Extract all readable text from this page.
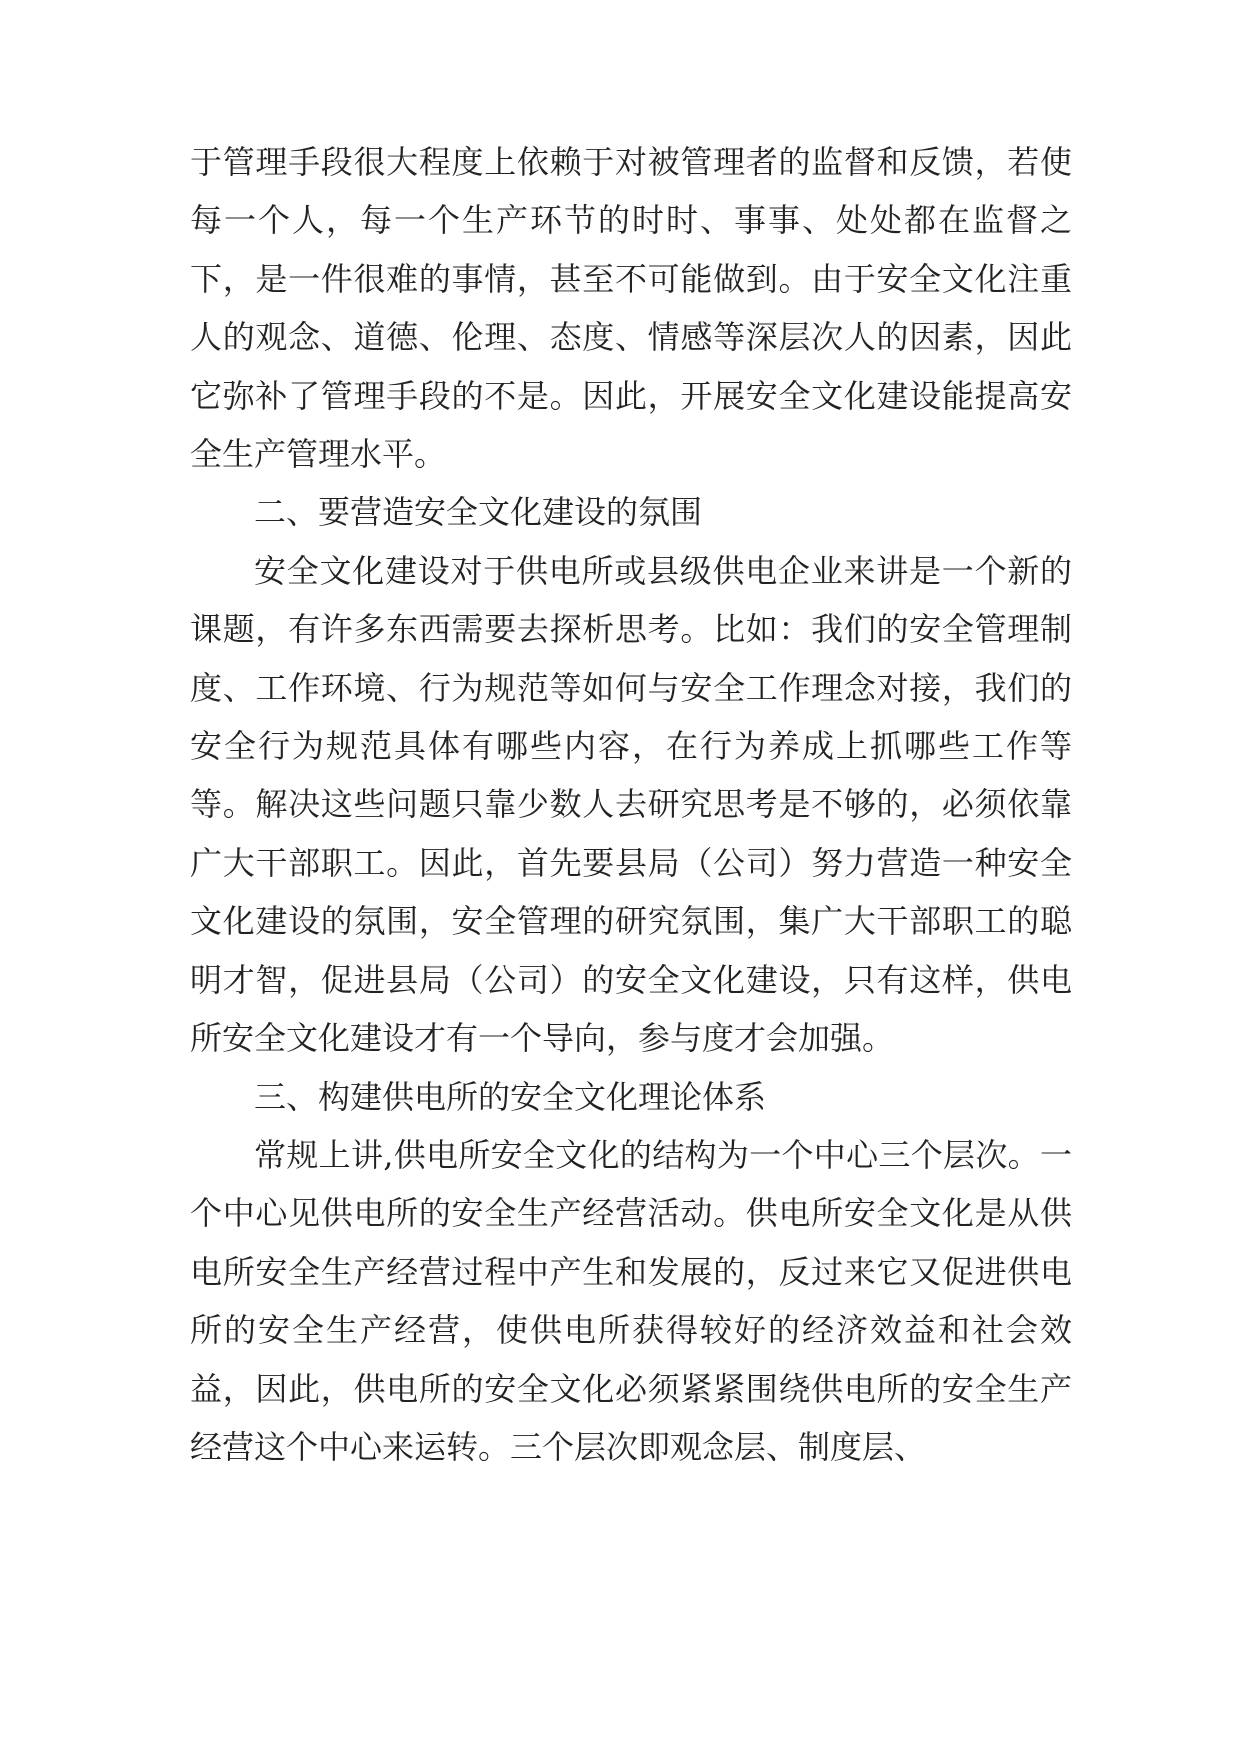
于管理手段很大程度上依赖于对被管理者的监督和反馈，若使每一个人，每一个生产环节的时时、事事、处处都在监督之下，是一件很难的事情，甚至不可能做到。由于安全文化注重人的观念、道德、伦理、态度、情感等深层次人的因素，因此它弥补了管理手段的不是。因此，开展安全文化建设能提高安全生产管理水平。

二、要营造安全文化建设的氛围

安全文化建设对于供电所或县级供电企业来讲是一个新的课题，有许多东西需要去探析思考。比如：我们的安全管理制度、工作环境、行为规范等如何与安全工作理念对接，我们的安全行为规范具体有哪些内容，在行为养成上抓哪些工作等等。解决这些问题只靠少数人去研究思考是不够的，必须依靠广大干部职工。因此，首先要县局（公司）努力营造一种安全文化建设的氛围，安全管理的研究氛围，集广大干部职工的聪明才智，促进县局（公司）的安全文化建设，只有这样，供电所安全文化建设才有一个导向，参与度才会加强。

三、构建供电所的安全文化理论体系

常规上讲,供电所安全文化的结构为一个中心三个层次。一个中心见供电所的安全生产经营活动。供电所安全文化是从供电所安全生产经营过程中产生和发展的，反过来它又促进供电所的安全生产经营，使供电所获得较好的经济效益和社会效益，因此，供电所的安全文化必须紧紧围绕供电所的安全生产经营这个中心来运转。三个层次即观念层、制度层、
